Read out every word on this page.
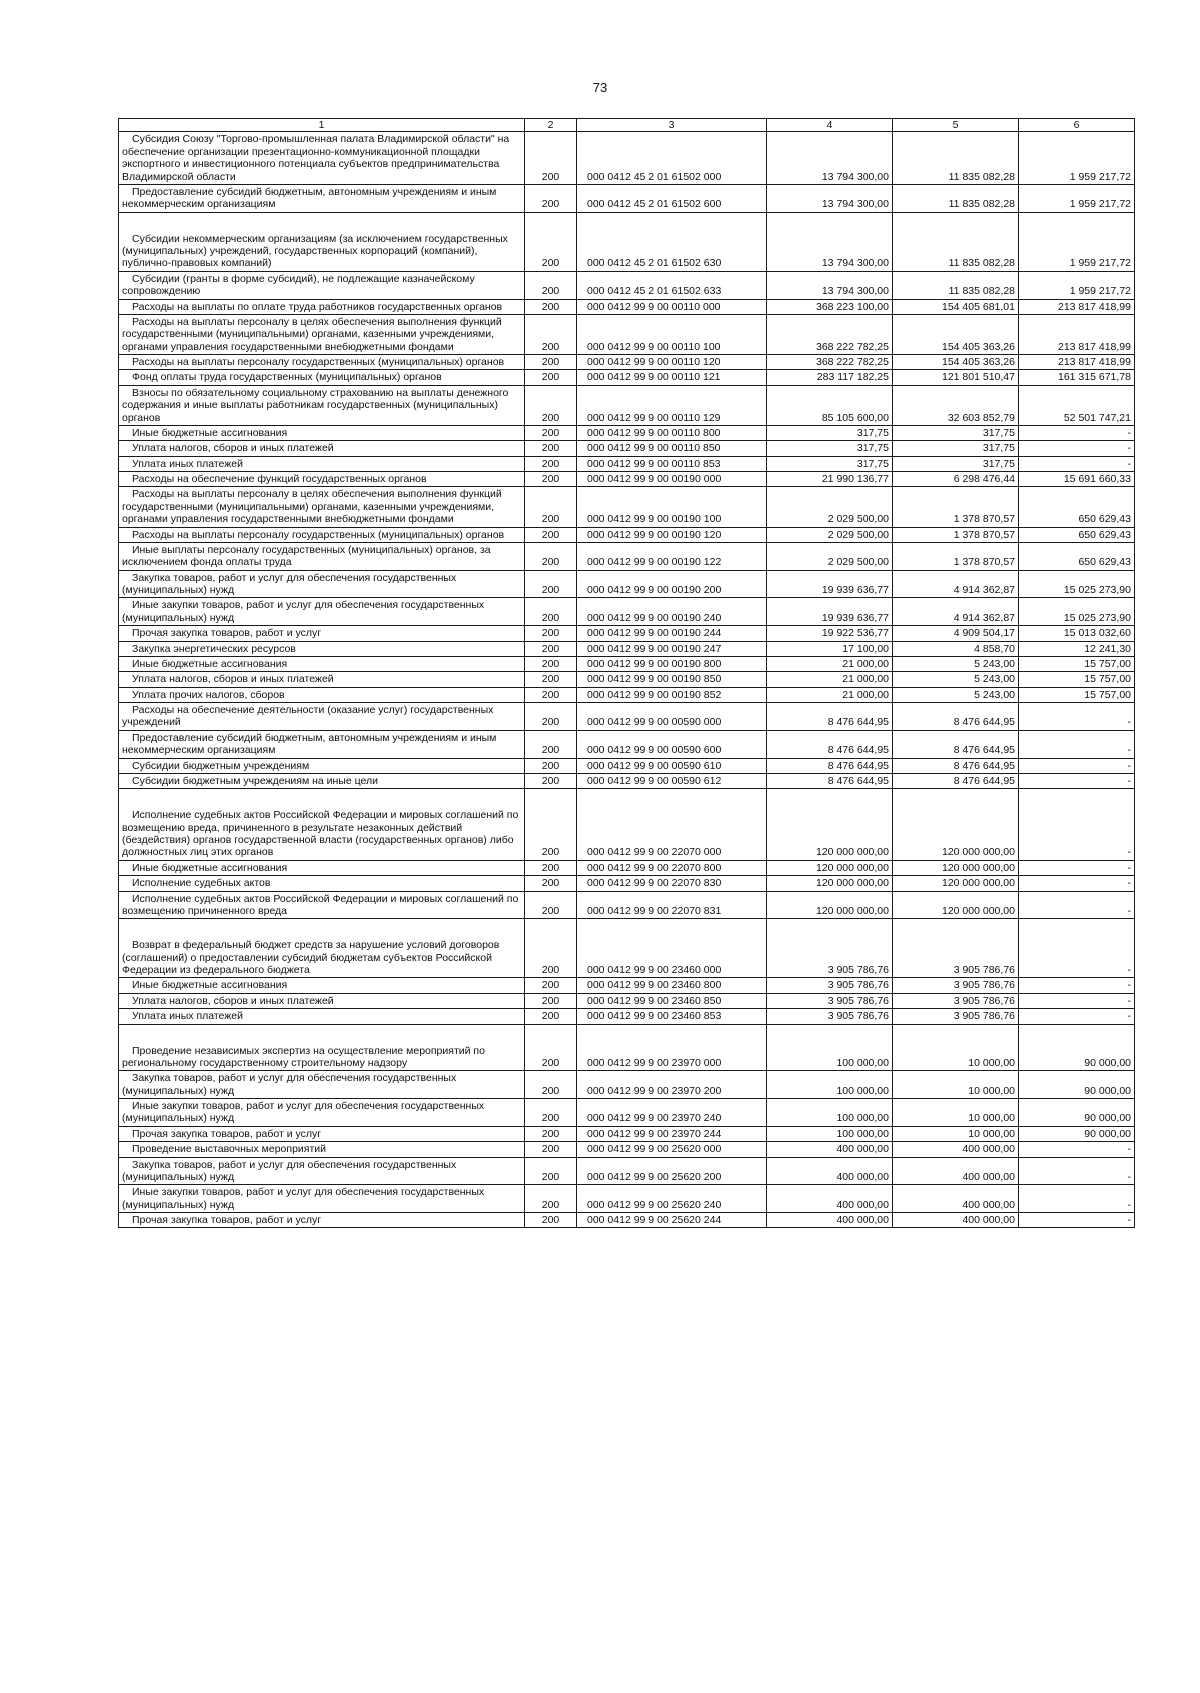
73
1	2	3	4	5	6

Субсидия Союзу "Торгово-промышленная палата Владимирской области" на обеспечение организации презентационно-коммуникационной площадки экспортного и инвестиционного потенциала субъектов предпринимательства Владимирской области	200	000 0412 45 2 01 61502 000	13 794 300,00	11 835 082,28	1 959 217,72

Предоставление субсидий бюджетным, автономным учреждениям и иным некоммерческим организациям	200	000 0412 45 2 01 61502 600	13 794 300,00	11 835 082,28	1 959 217,72

Субсидии некоммерческим организациям (за исключением государственных (муниципальных) учреждений, государственных корпораций (компаний), публично-правовых компаний)	200	000 0412 45 2 01 61502 630	13 794 300,00	11 835 082,28	1 959 217,72

Субсидии (гранты в форме субсидий), не подлежащие казначейскому сопровождению	200	000 0412 45 2 01 61502 633	13 794 300,00	11 835 082,28	1 959 217,72

Расходы на выплаты по оплате труда работников государственных органов	200	000 0412 99 9 00 00110 000	368 223 100,00	154 405 681,01	213 817 418,99

Расходы на выплаты персоналу в целях обеспечения выполнения функций государственными (муниципальными) органами, казенными учреждениями, органами управления государственными внебюджетными фондами	200	000 0412 99 9 00 00110 100	368 222 782,25	154 405 363,26	213 817 418,99

Расходы на выплаты персоналу государственных (муниципальных) органов	200	000 0412 99 9 00 00110 120	368 222 782,25	154 405 363,26	213 817 418,99

Фонд оплаты труда государственных (муниципальных) органов	200	000 0412 99 9 00 00110 121	283 117 182,25	121 801 510,47	161 315 671,78

Взносы по обязательному социальному страхованию на выплаты денежного содержания и иные выплаты работникам государственных (муниципальных) органов	200	000 0412 99 9 00 00110 129	85 105 600,00	32 603 852,79	52 501 747,21

Иные бюджетные ассигнования	200	000 0412 99 9 00 00110 800	317,75	317,75	-

Уплата налогов, сборов и иных платежей	200	000 0412 99 9 00 00110 850	317,75	317,75	-

Уплата иных платежей	200	000 0412 99 9 00 00110 853	317,75	317,75	-

Расходы на обеспечение функций государственных органов	200	000 0412 99 9 00 00190 000	21 990 136,77	6 298 476,44	15 691 660,33

Расходы на выплаты персоналу в целях обеспечения выполнения функций государственными (муниципальными) органами, казенными учреждениями, органами управления государственными внебюджетными фондами	200	000 0412 99 9 00 00190 100	2 029 500,00	1 378 870,57	650 629,43

Расходы на выплаты персоналу государственных (муниципальных) органов	200	000 0412 99 9 00 00190 120	2 029 500,00	1 378 870,57	650 629,43

Иные выплаты персоналу государственных (муниципальных) органов, за исключением фонда оплаты труда	200	000 0412 99 9 00 00190 122	2 029 500,00	1 378 870,57	650 629,43

Закупка товаров, работ и услуг для обеспечения государственных (муниципальных) нужд	200	000 0412 99 9 00 00190 200	19 939 636,77	4 914 362,87	15 025 273,90

Иные закупки товаров, работ и услуг для обеспечения государственных (муниципальных) нужд	200	000 0412 99 9 00 00190 240	19 939 636,77	4 914 362,87	15 025 273,90

Прочая закупка товаров, работ и услуг	200	000 0412 99 9 00 00190 244	19 922 536,77	4 909 504,17	15 013 032,60

Закупка энергетических ресурсов	200	000 0412 99 9 00 00190 247	17 100,00	4 858,70	12 241,30

Иные бюджетные ассигнования	200	000 0412 99 9 00 00190 800	21 000,00	5 243,00	15 757,00

Уплата налогов, сборов и иных платежей	200	000 0412 99 9 00 00190 850	21 000,00	5 243,00	15 757,00

Уплата прочих налогов, сборов	200	000 0412 99 9 00 00190 852	21 000,00	5 243,00	15 757,00

Расходы на обеспечение деятельности (оказание услуг) государственных учреждений	200	000 0412 99 9 00 00590 000	8 476 644,95	8 476 644,95	-

Предоставление субсидий бюджетным, автономным учреждениям и иным некоммерческим организациям	200	000 0412 99 9 00 00590 600	8 476 644,95	8 476 644,95	-

Субсидии бюджетным учреждениям	200	000 0412 99 9 00 00590 610	8 476 644,95	8 476 644,95	-

Субсидии бюджетным учреждениям на иные цели	200	000 0412 99 9 00 00590 612	8 476 644,95	8 476 644,95	-

Исполнение судебных актов Российской Федерации и мировых соглашений по возмещению вреда, причиненного в результате незаконных действий (бездействия) органов государственной власти (государственных органов) либо должностных лиц этих органов	200	000 0412 99 9 00 22070 000	120 000 000,00	120 000 000,00	-

Иные бюджетные ассигнования	200	000 0412 99 9 00 22070 800	120 000 000,00	120 000 000,00	-

Исполнение судебных актов	200	000 0412 99 9 00 22070 830	120 000 000,00	120 000 000,00	-

Исполнение судебных актов Российской Федерации и мировых соглашений по возмещению причиненного вреда	200	000 0412 99 9 00 22070 831	120 000 000,00	120 000 000,00	-

Возврат в федеральный бюджет средств за нарушение условий договоров (соглашений) о предоставлении субсидий бюджетам субъектов Российской Федерации из федерального бюджета	200	000 0412 99 9 00 23460 000	3 905 786,76	3 905 786,76	-

Иные бюджетные ассигнования	200	000 0412 99 9 00 23460 800	3 905 786,76	3 905 786,76	-

Уплата налогов, сборов и иных платежей	200	000 0412 99 9 00 23460 850	3 905 786,76	3 905 786,76	-

Уплата иных платежей	200	000 0412 99 9 00 23460 853	3 905 786,76	3 905 786,76	-

Проведение независимых экспертиз на осуществление мероприятий по региональному государственному строительному надзору	200	000 0412 99 9 00 23970 000	100 000,00	10 000,00	90 000,00

Закупка товаров, работ и услуг для обеспечения государственных (муниципальных) нужд	200	000 0412 99 9 00 23970 200	100 000,00	10 000,00	90 000,00

Иные закупки товаров, работ и услуг для обеспечения государственных (муниципальных) нужд	200	000 0412 99 9 00 23970 240	100 000,00	10 000,00	90 000,00

Прочая закупка товаров, работ и услуг	200	000 0412 99 9 00 23970 244	100 000,00	10 000,00	90 000,00

Проведение выставочных мероприятий	200	000 0412 99 9 00 25620 000	400 000,00	400 000,00	-

Закупка товаров, работ и услуг для обеспечения государственных (муниципальных) нужд	200	000 0412 99 9 00 25620 200	400 000,00	400 000,00	-

Иные закупки товаров, работ и услуг для обеспечения государственных (муниципальных) нужд	200	000 0412 99 9 00 25620 240	400 000,00	400 000,00	-

Прочая закупка товаров, работ и услуг	200	000 0412 99 9 00 25620 244	400 000,00	400 000,00	-
